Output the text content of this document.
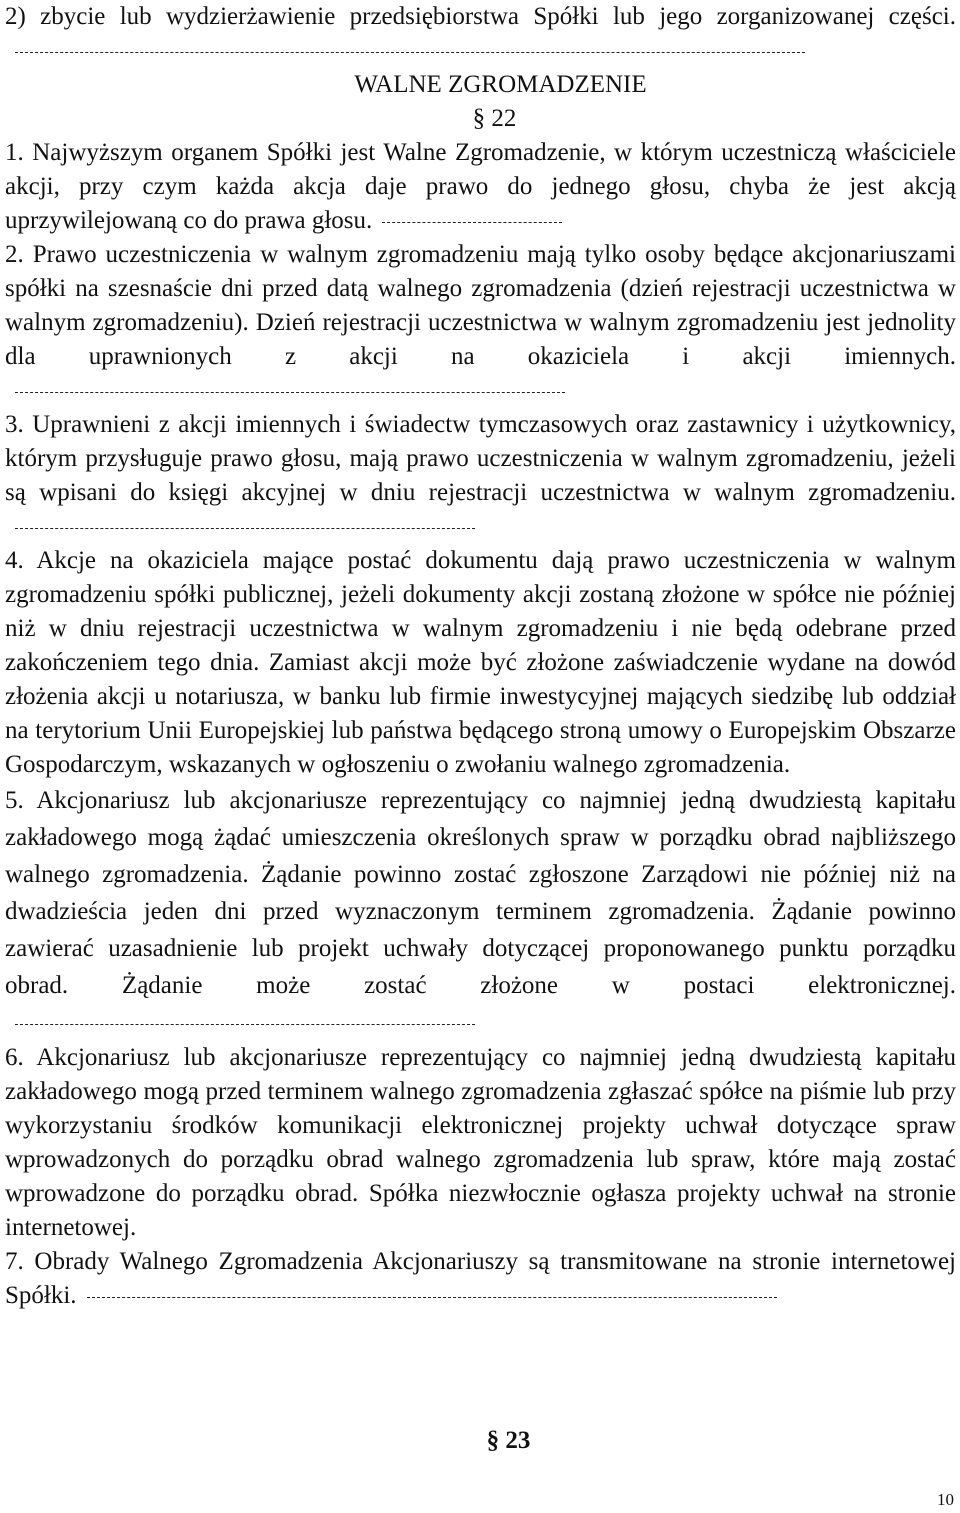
2) zbycie lub wydzierżawienie przedsiębiorstwa Spółki lub jego zorganizowanej części.

WALNE ZGROMADZENIE

§ 22

1. Najwyższym organem Spółki jest Walne Zgromadzenie, w którym uczestniczą właściciele akcji, przy czym każda akcja daje prawo do jednego głosu, chyba że jest akcją uprzywilejowaną co do prawa głosu.

2. Prawo uczestniczenia w walnym zgromadzeniu mają tylko osoby będące akcjonariuszami spółki na szesnaście dni przed datą walnego zgromadzenia (dzień rejestracji uczestnictwa w walnym zgromadzeniu). Dzień rejestracji uczestnictwa w walnym zgromadzeniu jest jednolity dla uprawnionych z akcji na okaziciela i akcji imiennych.

3. Uprawnieni z akcji imiennych i świadectw tymczasowych oraz zastawnicy i użytkownicy, którym przysługuje prawo głosu, mają prawo uczestniczenia w walnym zgromadzeniu, jeżeli są wpisani do księgi akcyjnej w dniu rejestracji uczestnictwa w walnym zgromadzeniu.

4. Akcje na okaziciela mające postać dokumentu dają prawo uczestniczenia w walnym zgromadzeniu spółki publicznej, jeżeli dokumenty akcji zostaną złożone w spółce nie później niż w dniu rejestracji uczestnictwa w walnym zgromadzeniu i nie będą odebrane przed zakończeniem tego dnia. Zamiast akcji może być złożone zaświadczenie wydane na dowód złożenia akcji u notariusza, w banku lub firmie inwestycyjnej mających siedzibę lub oddział na terytorium Unii Europejskiej lub państwa będącego stroną umowy o Europejskim Obszarze Gospodarczym, wskazanych w ogłoszeniu o zwołaniu walnego zgromadzenia.

5. Akcjonariusz lub akcjonariusze reprezentujący co najmniej jedną dwudziestą kapitału zakładowego mogą żądać umieszczenia określonych spraw w porządku obrad najbliższego walnego zgromadzenia. Żądanie powinno zostać zgłoszone Zarządowi nie później niż na dwadzieścia jeden dni przed wyznaczonym terminem zgromadzenia. Żądanie powinno zawierać uzasadnienie lub projekt uchwały dotyczącej proponowanego punktu porządku obrad. Żądanie może zostać złożone w postaci elektronicznej.

6. Akcjonariusz lub akcjonariusze reprezentujący co najmniej jedną dwudziestą kapitału zakładowego mogą przed terminem walnego zgromadzenia zgłaszać spółce na piśmie lub przy wykorzystaniu środków komunikacji elektronicznej projekty uchwał dotyczące spraw wprowadzonych do porządku obrad walnego zgromadzenia lub spraw, które mają zostać wprowadzone do porządku obrad. Spółka niezwłocznie ogłasza projekty uchwał na stronie internetowej.

7. Obrady Walnego Zgromadzenia Akcjonariuszy są transmitowane na stronie internetowej Spółki.

§ 23

10
